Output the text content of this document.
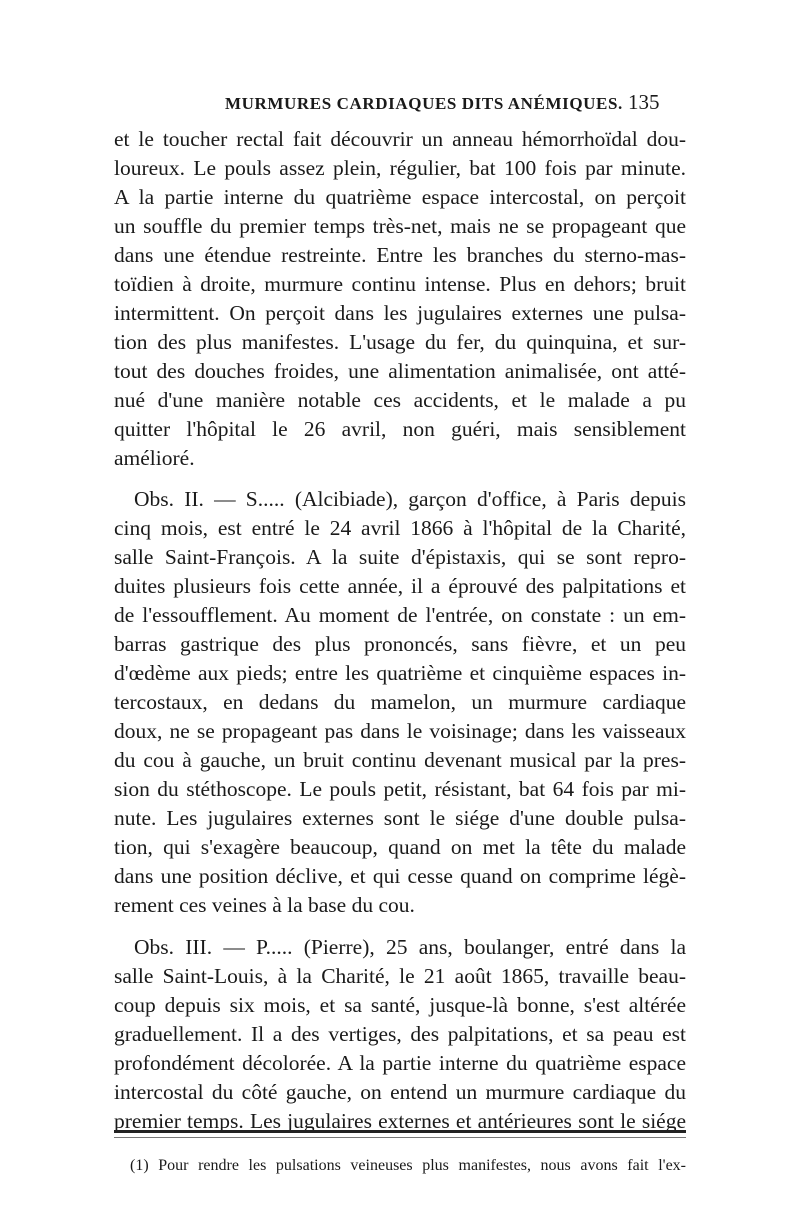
MURMURES CARDIAQUES DITS ANÉMIQUES. 135
et le toucher rectal fait découvrir un anneau hémorrhoïdal dou-
loureux. Le pouls assez plein, régulier, bat 100 fois par minute.
A la partie interne du quatrième espace intercostal, on perçoit
un souffle du premier temps très-net, mais ne se propageant que
dans une étendue restreinte. Entre les branches du sterno-mas-
toïdien à droite, murmure continu intense. Plus en dehors; bruit
intermittent. On perçoit dans les jugulaires externes une pulsa-
tion des plus manifestes. L'usage du fer, du quinquina, et sur-
tout des douches froides, une alimentation animalisée, ont atté-
nué d'une manière notable ces accidents, et le malade a pu
quitter l'hôpital le 26 avril, non guéri, mais sensiblement
amélioré.
Obs. II. — S..... (Alcibiade), garçon d'office, à Paris depuis
cinq mois, est entré le 24 avril 1866 à l'hôpital de la Charité,
salle Saint-François. A la suite d'épistaxis, qui se sont repro-
duites plusieurs fois cette année, il a éprouvé des palpitations et
de l'essoufflement. Au moment de l'entrée, on constate : un em-
barras gastrique des plus prononcés, sans fièvre, et un peu
d'œdème aux pieds; entre les quatrième et cinquième espaces in-
tercostaux, en dedans du mamelon, un murmure cardiaque
doux, ne se propageant pas dans le voisinage; dans les vaisseaux
du cou à gauche, un bruit continu devenant musical par la pres-
sion du stéthoscope. Le pouls petit, résistant, bat 64 fois par mi-
nute. Les jugulaires externes sont le siége d'une double pulsa-
tion, qui s'exagère beaucoup, quand on met la tête du malade
dans une position déclive, et qui cesse quand on comprime légè-
rement ces veines à la base du cou.
Obs. III. — P..... (Pierre), 25 ans, boulanger, entré dans la
salle Saint-Louis, à la Charité, le 21 août 1865, travaille beau-
coup depuis six mois, et sa santé, jusque-là bonne, s'est altérée
graduellement. Il a des vertiges, des palpitations, et sa peau est
profondément décolorée. A la partie interne du quatrième espace
intercostal du côté gauche, on entend un murmure cardiaque du
premier temps. Les jugulaires externes et antérieures sont le siége
(1) Pour rendre les pulsations veineuses plus manifestes, nous avons fait l'ex-
